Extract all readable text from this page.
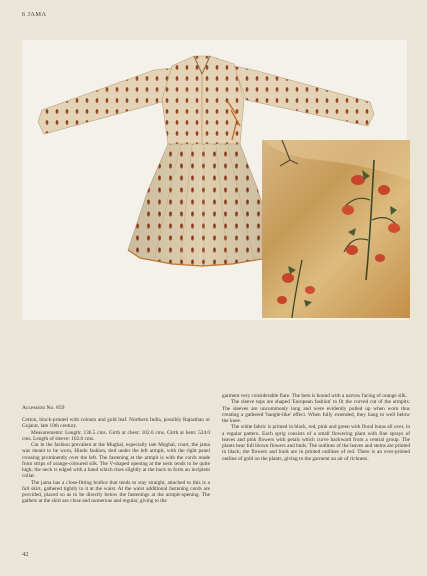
6 JAMA
Accession No. 859

Cotton, block-printed with colours and gold leaf. Northern India, possibly Rajasthan or Gujarat, late 19th century.

Measurements: Length: 136.5 cms. Girth at chest: 102.0 cms. Girth at hem: 524.0 cms. Length of sleeve: 102.0 cms.

Cut in the fashion prevalent at the Mughal, especially late Mughal, court, the jama was meant to be worn, Hindu fashion, tied under the left armpit, with the right panel crossing prominently over the left. The fastening at the armpit is with the cords made from strips of orange-coloured silk. The V-shaped opening at the neck tends to be quite high; the neck is edged with a band which rises slightly at the back to form an incipient collar.

The jama has a close-fitting bodice that tends to stay straight, attached to this is a full skirt, gathered tightly to it at the waist. At the waist additional fastening cords are provided, placed so as to be directly below the fastenings at the armpit-opening. The gathers at the skirt are close and numerous and regular, giving to the

garment very considerable flare. The hem is bound with a narrow facing of orange silk.

The sleeve tops are shaped 'European fashion' to fit the curved cut of the armpits. The sleeves are uncommonly long and were evidently pulled up when worn thus creating a gathered 'bangle-like' effect. When fully extended, they hang to well below the knee.

The white fabric is printed in black, red, pink and green with floral butas all over, in a regular pattern. Each sprig consists of a small flowering plant with fine sprays of leaves and pink flowers with petals which curve backward from a central group. The plants bear full blown flowers and buds. The outlines of the leaves and stems are printed in black; the flowers and buds are in printed outlines of red. There is an over-printed outline of gold on the plants, giving to the garment an air of richness.

42
